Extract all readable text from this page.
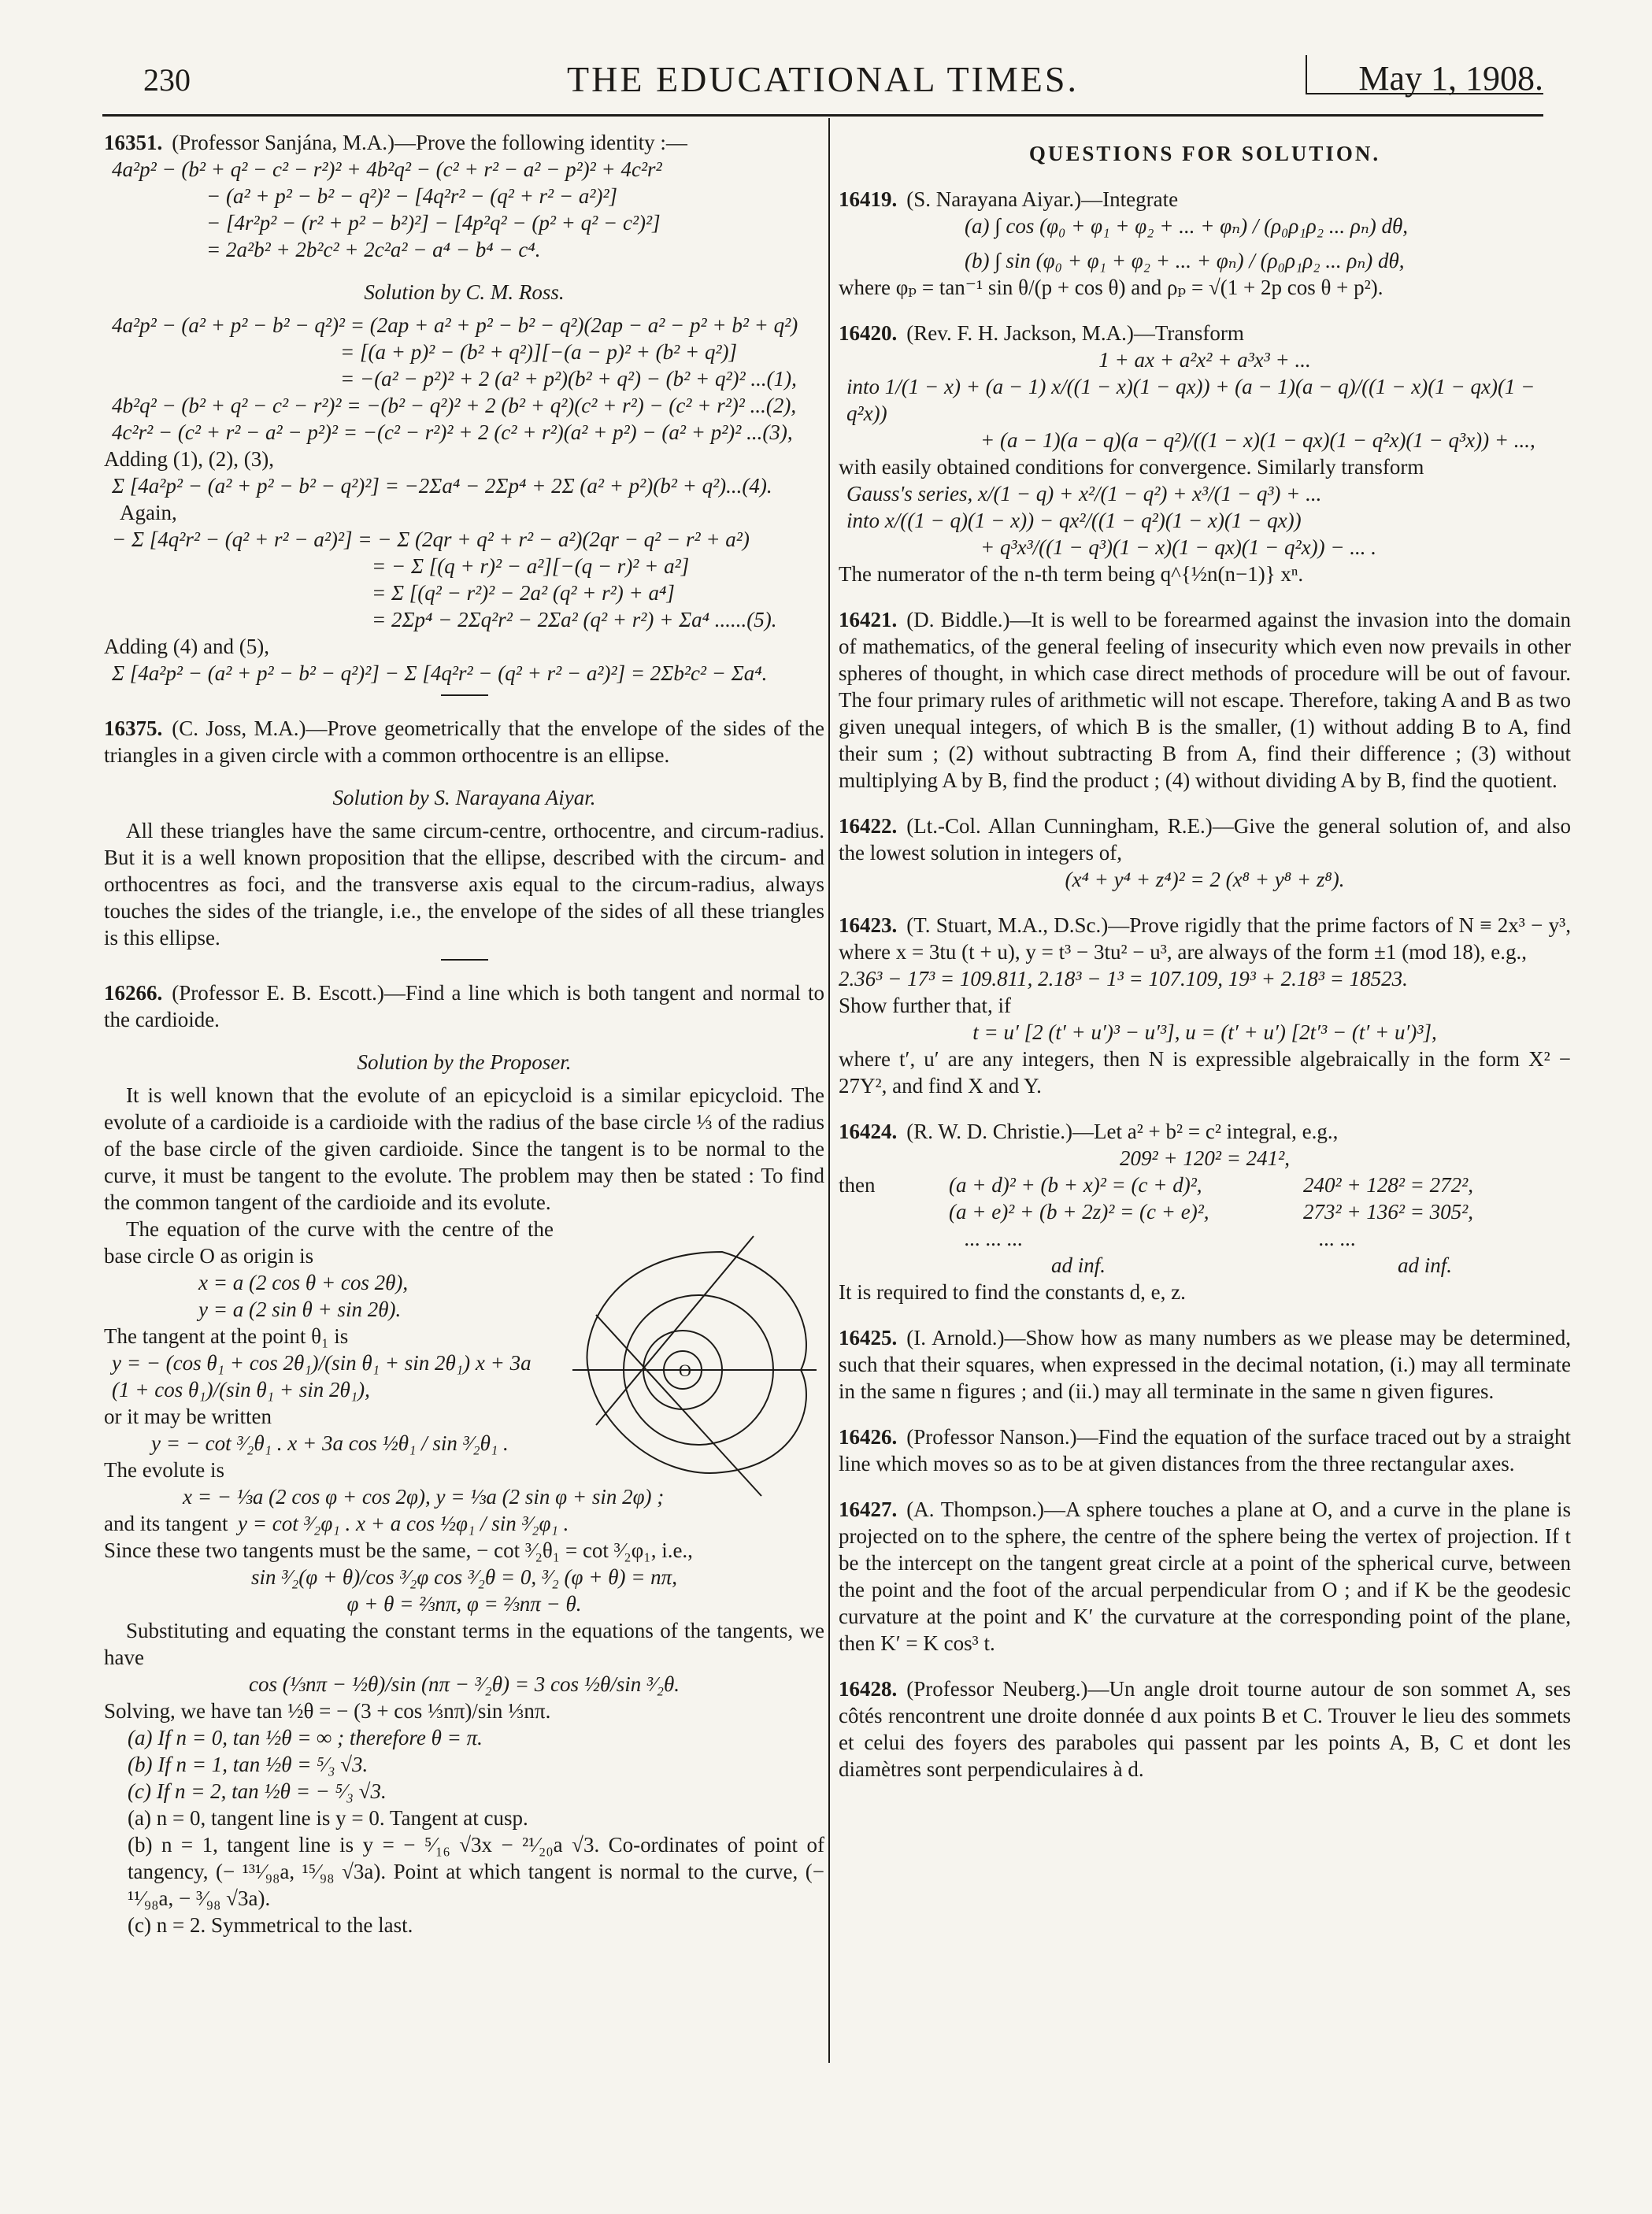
230	THE EDUCATIONAL TIMES.	May 1, 1908.

16351. (Professor Sanjána, M.A.)—Prove the following identity :—

4a²p² − (b² + q² − c² − r²)² + 4b²q² − (c² + r² − a² − p²)² + 4c²r²

− (a² + p² − b² − q²)² − [4q²r² − (q² + r² − a²)²]

− [4r²p² − (r² + p² − b²)²] − [4p²q² − (p² + q² − c²)²]

= 2a²b² + 2b²c² + 2c²a² − a⁴ − b⁴ − c⁴.

Solution by C. M. Ross.

4a²p² − (a² + p² − b² − q²)² = (2ap + a² + p² − b² − q²)(2ap − a² − p² + b² + q²)

= [(a + p)² − (b² + q²)][−(a − p)² + (b² + q²)]

= −(a² − p²)² + 2 (a² + p²)(b² + q²) − (b² + q²)² ...(1),

4b²q² − (b² + q² − c² − r²)² = −(b² − q²)² + 2 (b² + q²)(c² + r²) − (c² + r²)² ...(2),

4c²r² − (c² + r² − a² − p²)² = −(c² − r²)² + 2 (c² + r²)(a² + p²) − (a² + p²)² ...(3),

Adding (1), (2), (3),

Σ [4a²p² − (a² + p² − b² − q²)²] = −2Σa⁴ − 2Σp⁴ + 2Σ (a² + p²)(b² + q²)...(4).

Again,

− Σ [4q²r² − (q² + r² − a²)²] = − Σ (2qr + q² + r² − a²)(2qr − q² − r² + a²)

= − Σ [(q + r)² − a²][−(q − r)² + a²]

= Σ [(q² − r²)² − 2a² (q² + r²) + a⁴]

= 2Σp⁴ − 2Σq²r² − 2Σa² (q² + r²) + Σa⁴ ......(5).

Adding (4) and (5),

Σ [4a²p² − (a² + p² − b² − q²)²] − Σ [4q²r² − (q² + r² − a²)²] = 2Σb²c² − Σa⁴.

16375. (C. Joss, M.A.)—Prove geometrically that the envelope of the sides of the triangles in a given circle with a common orthocentre is an ellipse.

Solution by S. Narayana Aiyar.

All these triangles have the same circum-centre, orthocentre, and circum-radius. But it is a well known proposition that the ellipse, described with the circum- and orthocentres as foci, and the transverse axis equal to the circum-radius, always touches the sides of the triangle, i.e., the envelope of the sides of all these triangles is this ellipse.

16266. (Professor E. B. Escott.)—Find a line which is both tangent and normal to the cardioide.

Solution by the Proposer.

It is well known that the evolute of an epicycloid is a similar epicycloid. The evolute of a cardioide is a cardioide with the radius of the base circle ⅓ of the radius of the base circle of the given cardioide. Since the tangent is to be normal to the curve, it must be tangent to the evolute. The problem may then be stated : To find the common tangent of the cardioide and its evolute.

O

The equation of the curve with the centre of the base circle O as origin is

x = a (2 cos θ + cos 2θ),

y = a (2 sin θ + sin 2θ).

The tangent at the point θ₁ is

y = − (cos θ₁ + cos 2θ₁)/(sin θ₁ + sin 2θ₁) x + 3a (1 + cos θ₁)/(sin θ₁ + sin 2θ₁),

or it may be written

y = − cot ³⁄₂θ₁ . x + 3a cos ½θ₁ / sin ³⁄₂θ₁ .

The evolute is

x = − ⅓a (2 cos φ + cos 2φ), y = ⅓a (2 sin φ + sin 2φ) ;

and its tangent y = cot ³⁄₂φ₁ . x + a cos ½φ₁ / sin ³⁄₂φ₁ .

Since these two tangents must be the same, − cot ³⁄₂θ₁ = cot ³⁄₂φ₁, i.e.,

sin ³⁄₂(φ + θ)/cos ³⁄₂φ cos ³⁄₂θ = 0, ³⁄₂ (φ + θ) = nπ,

φ + θ = ⅔nπ, φ = ⅔nπ − θ.

Substituting and equating the constant terms in the equations of the tangents, we have

cos (⅓nπ − ½θ)/sin (nπ − ³⁄₂θ) = 3 cos ½θ/sin ³⁄₂θ.

Solving, we have tan ½θ = − (3 + cos ⅓nπ)/sin ⅓nπ.

(a) If n = 0, tan ½θ = ∞ ; therefore θ = π.

(b) If n = 1, tan ½θ = ⁵⁄₃ √3.

(c) If n = 2, tan ½θ = − ⁵⁄₃ √3.

(a) n = 0, tangent line is y = 0. Tangent at cusp.

(b) n = 1, tangent line is y = − ⁵⁄₁₆ √3x − ²¹⁄₂₀a √3. Co-ordinates of point of tangency, (− ¹³¹⁄₉₈a, ¹⁵⁄₉₈ √3a). Point at which tangent is normal to the curve, (− ¹¹⁄₉₈a, − ³⁄₉₈ √3a).

(c) n = 2. Symmetrical to the last.

QUESTIONS FOR SOLUTION.

16419. (S. Narayana Aiyar.)—Integrate

(a) ∫ cos (φ₀ + φ₁ + φ₂ + ... + φₙ) / (ρ₀ρ₁ρ₂ ... ρₙ) dθ,

(b) ∫ sin (φ₀ + φ₁ + φ₂ + ... + φₙ) / (ρ₀ρ₁ρ₂ ... ρₙ) dθ,

where φₚ = tan⁻¹ sin θ/(p + cos θ) and ρₚ = √(1 + 2p cos θ + p²).

16420. (Rev. F. H. Jackson, M.A.)—Transform

1 + ax + a²x² + a³x³ + ...

into 1/(1 − x) + (a − 1) x/((1 − x)(1 − qx)) + (a − 1)(a − q)/((1 − x)(1 − qx)(1 − q²x))

+ (a − 1)(a − q)(a − q²)/((1 − x)(1 − qx)(1 − q²x)(1 − q³x)) + ...,

with easily obtained conditions for convergence. Similarly transform

Gauss's series, x/(1 − q) + x²/(1 − q²) + x³/(1 − q³) + ...

into x/((1 − q)(1 − x)) − qx²/((1 − q²)(1 − x)(1 − qx))

+ q³x³/((1 − q³)(1 − x)(1 − qx)(1 − q²x)) − ... .

The numerator of the n-th term being q^{½n(n−1)} xⁿ.

16421. (D. Biddle.)—It is well to be forearmed against the invasion into the domain of mathematics, of the general feeling of insecurity which even now prevails in other spheres of thought, in which case direct methods of procedure will be out of favour. The four primary rules of arithmetic will not escape. Therefore, taking A and B as two given unequal integers, of which B is the smaller, (1) without adding B to A, find their sum ; (2) without subtracting B from A, find their difference ; (3) without multiplying A by B, find the product ; (4) without dividing A by B, find the quotient.

16422. (Lt.-Col. Allan Cunningham, R.E.)—Give the general solution of, and also the lowest solution in integers of,

(x⁴ + y⁴ + z⁴)² = 2 (x⁸ + y⁸ + z⁸).

16423. (T. Stuart, M.A., D.Sc.)—Prove rigidly that the prime factors of N ≡ 2x³ − y³, where x = 3tu (t + u), y = t³ − 3tu² − u³, are always of the form ±1 (mod 18), e.g.,

2.36³ − 17³ = 109.811, 2.18³ − 1³ = 107.109, 19³ + 2.18³ = 18523.

Show further that, if

t = u′ [2 (t′ + u′)³ − u′³], u = (t′ + u′) [2t′³ − (t′ + u′)³],

where t′, u′ are any integers, then N is expressible algebraically in the form X² − 27Y², and find X and Y.

16424. (R. W. D. Christie.)—Let a² + b² = c² integral, e.g.,

209² + 120² = 241²,

then	(a + d)² + (b + x)² = (c + d)²,	240² + 128² = 272²,

(a + e)² + (b + 2z)² = (c + e)²,	273² + 136² = 305²,

... ... ...	... ...

ad inf.	ad inf.

It is required to find the constants d, e, z.

16425. (I. Arnold.)—Show how as many numbers as we please may be determined, such that their squares, when expressed in the decimal notation, (i.) may all terminate in the same n figures ; and (ii.) may all terminate in the same n given figures.

16426. (Professor Nanson.)—Find the equation of the surface traced out by a straight line which moves so as to be at given distances from the three rectangular axes.

16427. (A. Thompson.)—A sphere touches a plane at O, and a curve in the plane is projected on to the sphere, the centre of the sphere being the vertex of projection. If t be the intercept on the tangent great circle at a point of the spherical curve, between the point and the foot of the arcual perpendicular from O ; and if K be the geodesic curvature at the point and K′ the curvature at the corresponding point of the plane, then K′ = K cos³ t.

16428. (Professor Neuberg.)—Un angle droit tourne autour de son sommet A, ses côtés rencontrent une droite donnée d aux points B et C. Trouver le lieu des sommets et celui des foyers des paraboles qui passent par les points A, B, C et dont les diamètres sont perpendiculaires à d.
